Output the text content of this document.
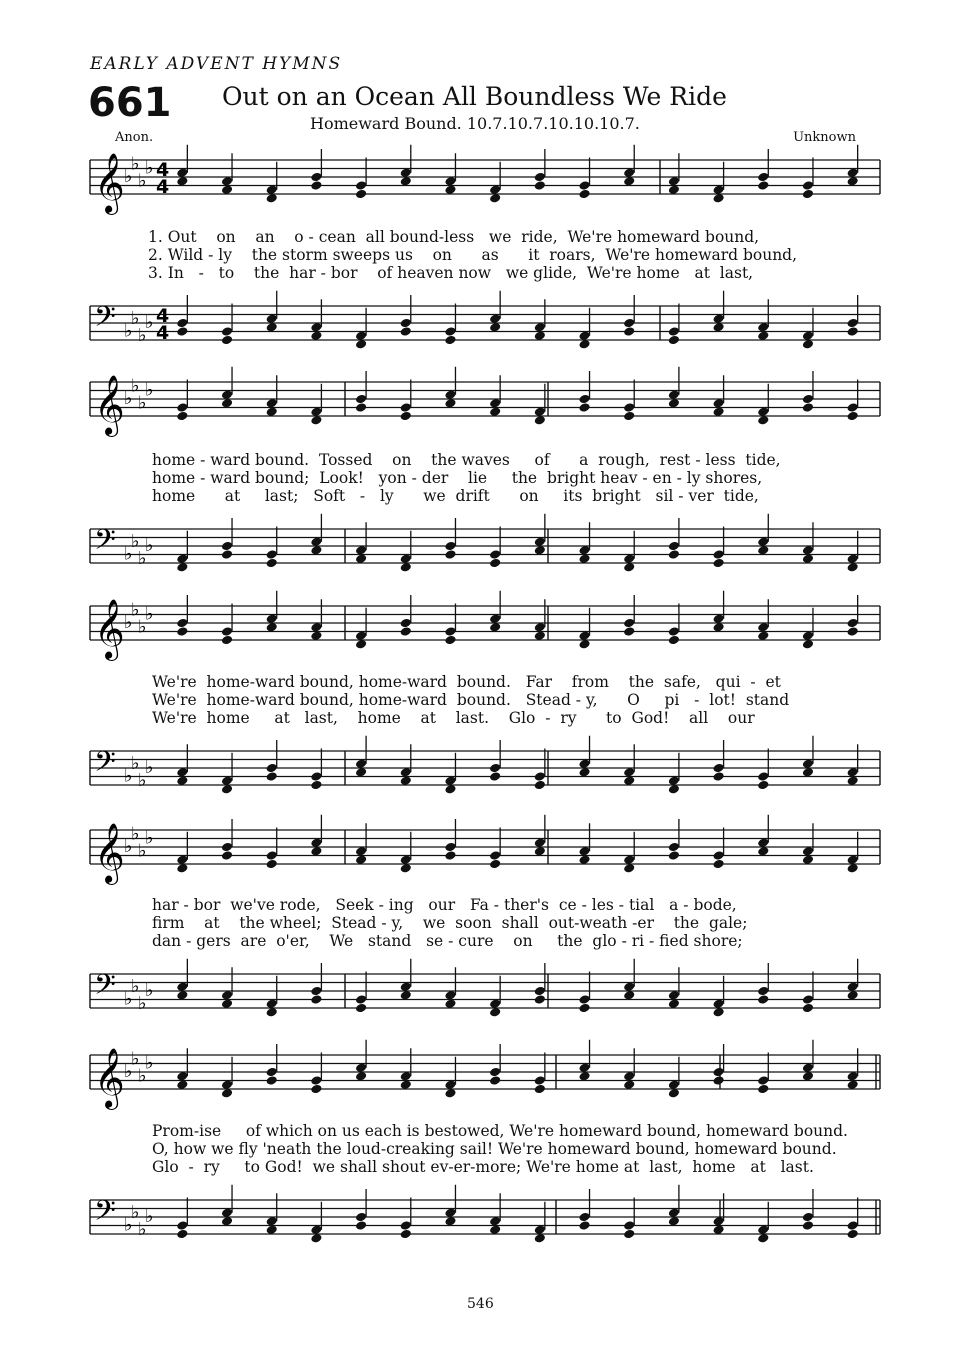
EARLY ADVENT HYMNS
661 Out on an Ocean All Boundless We Ride
Homeward Bound. 10.7.10.7.10.10.10.7.
Anon.	Unknown
𝄞 ♭
♭
♭
♭ 4
4
𝄢 ♭
♭
♭
♭ 4
4
𝄞 ♭
♭
♭
♭
𝄢 ♭
♭
♭
♭
𝄞 ♭
♭
♭
♭
𝄢 ♭
♭
♭
♭
𝄞 ♭
♭
♭
♭
𝄢 ♭
♭
♭
♭
𝄞 ♭
♭
♭
♭
𝄢 ♭
♭
♭
♭
546
1. Out    on    an    o - cean  all bound-less   we  ride,  We're homeward bound,
2. Wild - ly    the storm sweeps us    on      as      it  roars,  We're homeward bound,
3. In   -   to    the  har - bor    of heaven now   we glide,  We're home   at  last,
home - ward bound.  Tossed    on    the waves     of      a  rough,  rest - less  tide,
home - ward bound;  Look!   yon - der    lie     the  bright heav - en - ly shores,
home      at     last;   Soft   -   ly      we  drift      on     its  bright   sil - ver  tide,
We're  home-ward bound, home-ward  bound.   Far    from    the  safe,   qui  -  et
We're  home-ward bound, home-ward  bound.   Stead - y,      O     pi   -  lot!  stand
We're  home     at   last,    home    at    last.    Glo  -  ry      to  God!    all    our
har - bor  we've rode,   Seek - ing   our   Fa - ther's  ce - les - tial   a - bode,
firm    at    the wheel;  Stead - y,    we  soon  shall  out-weath -er    the  gale;
dan - gers  are  o'er,    We   stand   se - cure    on     the  glo - ri - fied shore;
Prom-ise     of which on us each is bestowed, We're homeward bound, homeward bound.
O, how we fly 'neath the loud-creaking sail! We're homeward bound, homeward bound.
Glo  -  ry     to God!  we shall shout ev-er-more; We're home at  last,  home   at   last.
